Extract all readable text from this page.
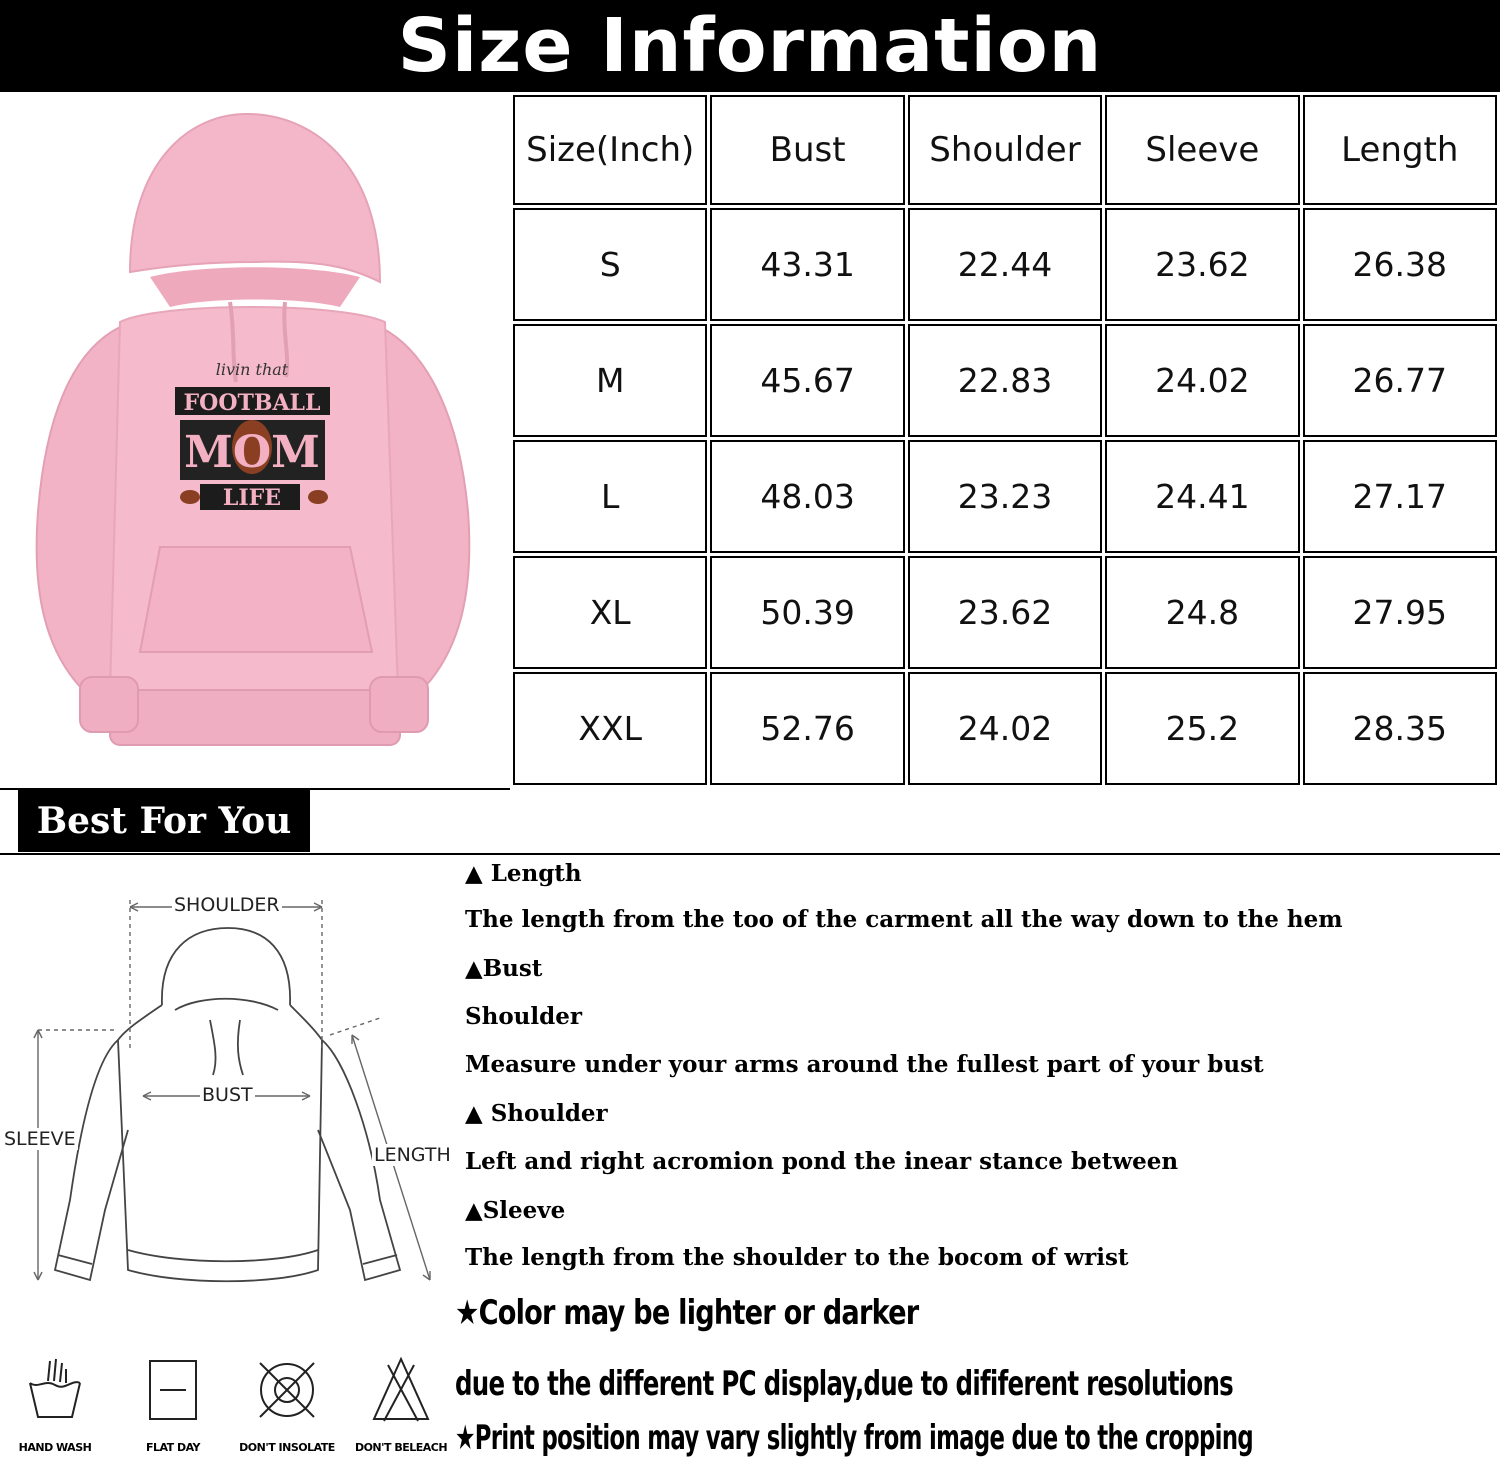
Size Information
livin that
FOOTBALL
MOM
LIFE
Size(Inch)	Bust	Shoulder	Sleeve	Length
S	43.31	22.44	23.62	26.38
M	45.67	22.83	24.02	26.77
L	48.03	23.23	24.41	27.17
XL	50.39	23.62	24.8	27.95
XXL	52.76	24.02	25.2	28.35
Best For You
SHOULDER
BUST
SLEEVE
LENGTH
HAND WASH	FLAT DAY	DON'T INSOLATE	DON'T BELEACH
▲ Length
The length from the too of the carment all the way down to the hem
▲Bust
Shoulder
Measure under your arms around the fullest part of your bust
▲ Shoulder
Left and right acromion pond the inear stance between
▲Sleeve
The length from the shoulder to the bocom of wrist
★Color may be lighter or darker
due to the different PC display,due to dififerent resolutions
★Print position may vary slightly from image due to the cropping
